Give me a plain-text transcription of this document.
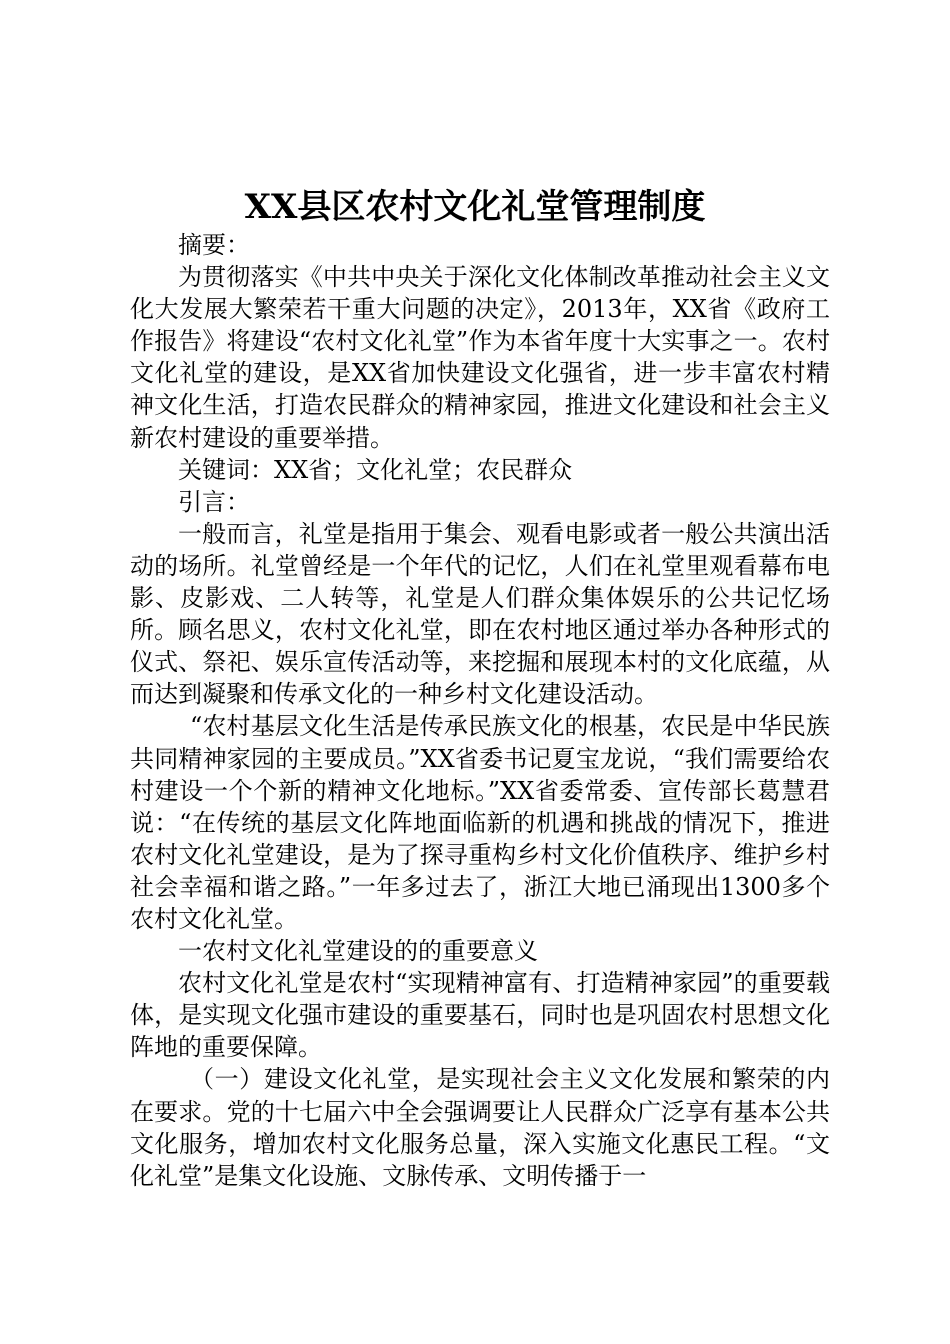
XX县区农村文化礼堂管理制度

摘要：

为贯彻落实《中共中央关于深化文化体制改革推动社会主义文化大发展大繁荣若干重大问题的决定》，2013年，XX省《政府工作报告》将建设“农村文化礼堂”作为本省年度十大实事之一。农村文化礼堂的建设，是XX省加快建设文化强省，进一步丰富农村精神文化生活，打造农民群众的精神家园，推进文化建设和社会主义新农村建设的重要举措。

关键词：XX省；文化礼堂；农民群众

引言：

一般而言，礼堂是指用于集会、观看电影或者一般公共演出活动的场所。礼堂曾经是一个年代的记忆，人们在礼堂里观看幕布电影、皮影戏、二人转等，礼堂是人们群众集体娱乐的公共记忆场所。顾名思义，农村文化礼堂，即在农村地区通过举办各种形式的仪式、祭祀、娱乐宣传活动等，来挖掘和展现本村的文化底蕴，从而达到凝聚和传承文化的一种乡村文化建设活动。

“农村基层文化生活是传承民族文化的根基，农民是中华民族共同精神家园的主要成员。”XX省委书记夏宝龙说，“我们需要给农村建设一个个新的精神文化地标。”XX省委常委、宣传部长葛慧君说：“在传统的基层文化阵地面临新的机遇和挑战的情况下，推进农村文化礼堂建设，是为了探寻重构乡村文化价值秩序、维护乡村社会幸福和谐之路。”一年多过去了，浙江大地已涌现出1300多个农村文化礼堂。

一农村文化礼堂建设的的重要意义

农村文化礼堂是农村“实现精神富有、打造精神家园”的重要载体，是实现文化强市建设的重要基石，同时也是巩固农村思想文化阵地的重要保障。

（一）建设文化礼堂，是实现社会主义文化发展和繁荣的内在要求。党的十七届六中全会强调要让人民群众广泛享有基本公共文化服务，增加农村文化服务总量，深入实施文化惠民工程。“文化礼堂”是集文化设施、文脉传承、文明传播于一
